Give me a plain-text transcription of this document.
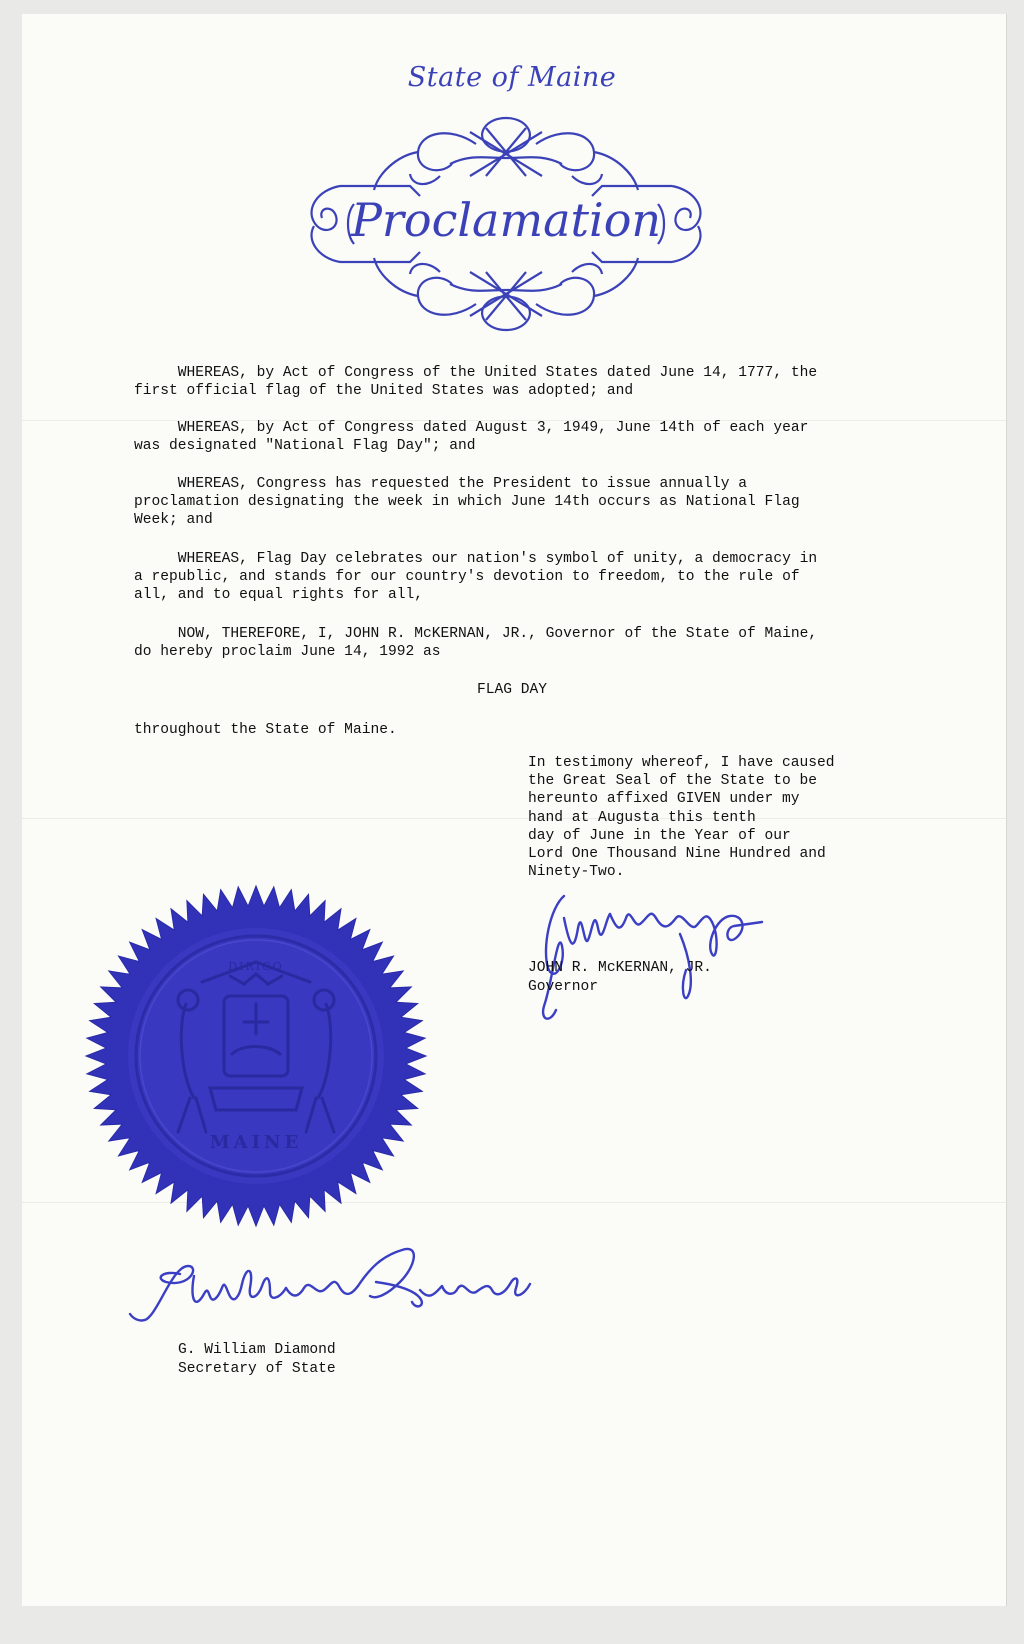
State of Maine
Proclamation

WHEREAS, by Act of Congress of the United States dated June 14, 1777, the
first official flag of the United States was adopted; and

WHEREAS, by Act of Congress dated August 3, 1949, June 14th of each year
was designated "National Flag Day"; and

WHEREAS, Congress has requested the President to issue annually a
proclamation designating the week in which June 14th occurs as National Flag
Week; and

WHEREAS, Flag Day celebrates our nation's symbol of unity, a democracy in
a republic, and stands for our country's devotion to freedom, to the rule of
all, and to equal rights for all,

NOW, THEREFORE, I, JOHN R. McKERNAN, JR., Governor of the State of Maine,
do hereby proclaim June 14, 1992 as

FLAG DAY

throughout the State of Maine.

In testimony whereof, I have caused
the Great Seal of the State to be
hereunto affixed GIVEN under my
hand at Augusta this tenth
day of June in the Year of our
Lord One Thousand Nine Hundred and
Ninety-Two.

JOHN R. McKERNAN, JR.
Governor
MAINE
DIRIGO
G. William Diamond
Secretary of State
